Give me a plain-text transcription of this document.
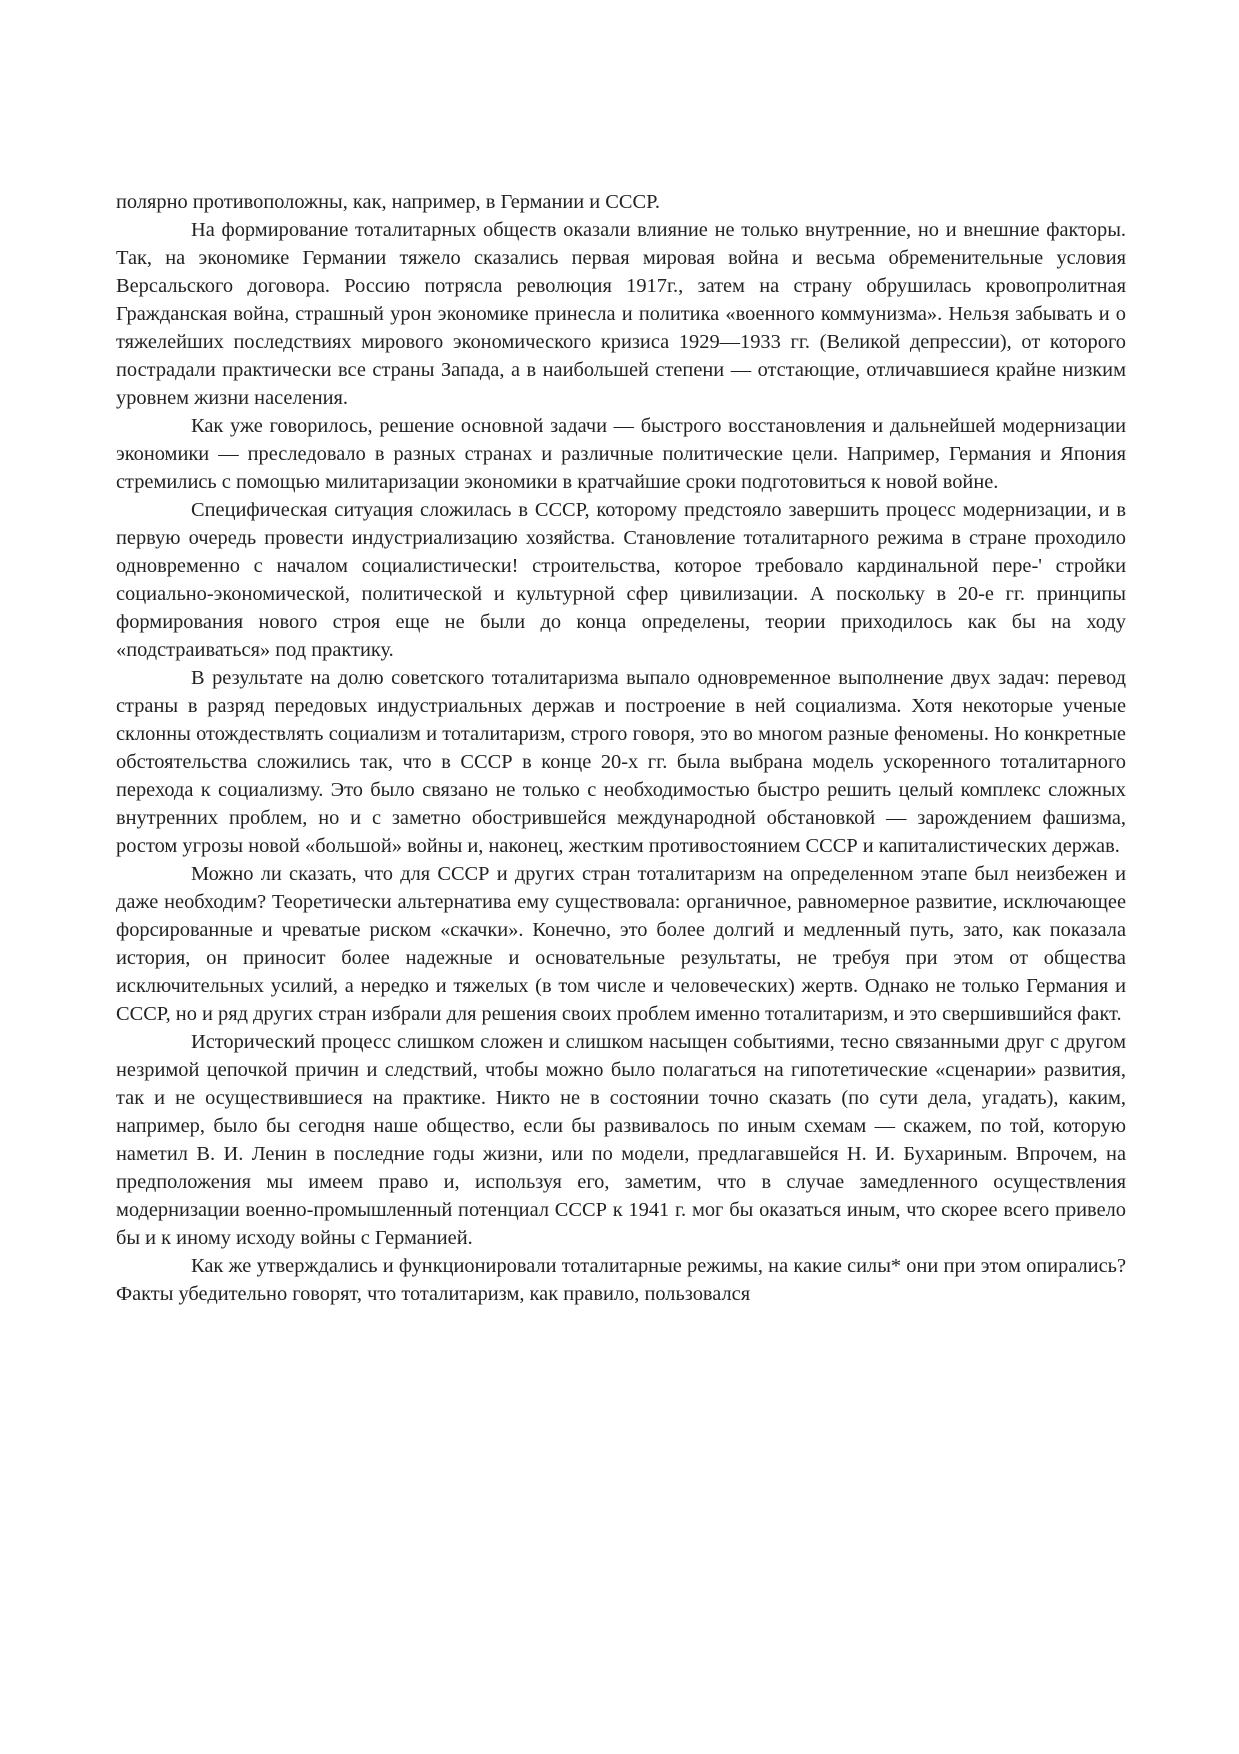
полярно противоположны, как, например, в Германии и СССР.

На формирование тоталитарных обществ оказали влияние не только внутренние, но и внешние факторы. Так, на экономике Германии тяжело сказались первая мировая война и весьма обременительные условия Версальского договора. Россию потрясла революция 1917г., затем на страну обрушилась кровопролитная Гражданская война, страшный урон экономике принесла и политика «военного коммунизма». Нельзя забывать и о тяжелейших последствиях мирового экономического кризиса 1929—1933 гг. (Великой депрессии), от которого пострадали практически все страны Запада, а в наибольшей степени — отстающие, отличавшиеся крайне низким уровнем жизни населения.

Как уже говорилось, решение основной задачи — быстрого восстановления и дальнейшей модернизации экономики — преследовало в разных странах и различные политические цели. Например, Германия и Япония стремились с помощью милитаризации экономики в кратчайшие сроки подготовиться к новой войне.

Специфическая ситуация сложилась в СССР, которому предстояло завершить процесс модернизации, и в первую очередь провести индустриализацию хозяйства. Становление тоталитарного режима в стране проходило одновременно с началом социалистически! строительства, которое требовало кардинальной пере-' стройки социально-экономической, политической и культурной сфер цивилизации. А поскольку в 20-е гг. принципы формирования нового строя еще не были до конца определены, теории приходилось как бы на ходу «подстраиваться» под практику.

В результате на долю советского тоталитаризма выпало одновременное выполнение двух задач: перевод страны в разряд передовых индустриальных держав и построение в ней социализма. Хотя некоторые ученые склонны отождествлять социализм и тоталитаризм, строго говоря, это во многом разные феномены. Но конкретные обстоятельства сложились так, что в СССР в конце 20-х гг. была выбрана модель ускоренного тоталитарного перехода к социализму. Это было связано не только с необходимостью быстро решить целый комплекс сложных внутренних проблем, но и с заметно обострившейся международной обстановкой — зарождением фашизма, ростом угрозы новой «большой» войны и, наконец, жестким противостоянием СССР и капиталистических держав.

Можно ли сказать, что для СССР и других стран тоталитаризм на определенном этапе был неизбежен и даже необходим? Теоретически альтернатива ему существовала: органичное, равномерное развитие, исключающее форсированные и чреватые риском «скачки». Конечно, это более долгий и медленный путь, зато, как показала история, он приносит более надежные и основательные результаты, не требуя при этом от общества исключительных усилий, а нередко и тяжелых (в том числе и человеческих) жертв. Однако не только Германия и СССР, но и ряд других стран избрали для решения своих проблем именно тоталитаризм, и это свершившийся факт.

Исторический процесс слишком сложен и слишком насыщен событиями, тесно связанными друг с другом незримой цепочкой причин и следствий, чтобы можно было полагаться на гипотетические «сценарии» развития, так и не осуществившиеся на практике. Никто не в состоянии точно сказать (по сути дела, угадать), каким, например, было бы сегодня наше общество, если бы развивалось по иным схемам — скажем, по той, которую наметил В. И. Ленин в последние годы жизни, или по модели, предлагавшейся Н. И. Бухариным. Впрочем, на предположения мы имеем право и, используя его, заметим, что в случае замедленного осуществления модернизации военно-промышленный потенциал СССР к 1941 г. мог бы оказаться иным, что скорее всего привело бы и к иному исходу войны с Германией.

Как же утверждались и функционировали тоталитарные режимы, на какие силы* они при этом опирались? Факты убедительно говорят, что тоталитаризм, как правило, пользовался
